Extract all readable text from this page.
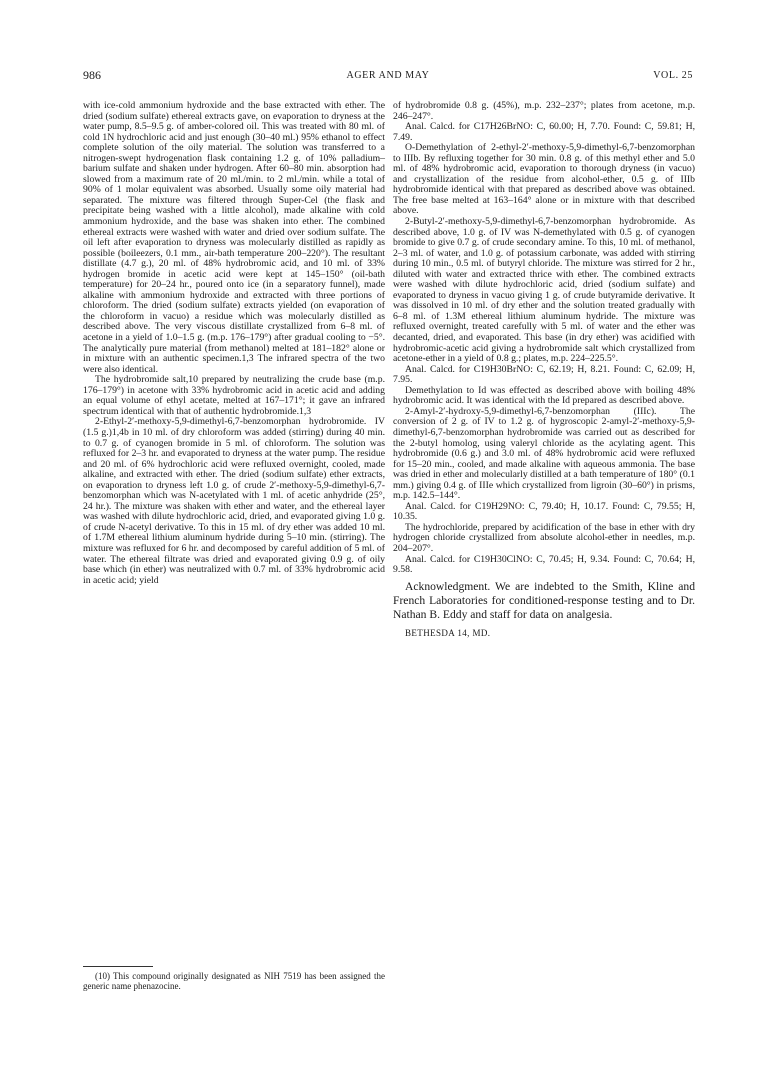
986	AGER AND MAY	VOL. 25

with ice-cold ammonium hydroxide and the base extracted with ether. The dried (sodium sulfate) ethereal extracts gave, on evaporation to dryness at the water pump, 8.5–9.5 g. of amber-colored oil. This was treated with 80 ml. of cold 1N hydrochloric acid and just enough (30–40 ml.) 95% ethanol to effect complete solution of the oily material. The solution was transferred to a nitrogen-swept hydrogenation flask containing 1.2 g. of 10% palladium–barium sulfate and shaken under hydrogen. After 60–80 min. absorption had slowed from a maximum rate of 20 ml./min. to 2 ml./min. while a total of 90% of 1 molar equivalent was absorbed. Usually some oily material had separated. The mixture was filtered through Super-Cel (the flask and precipitate being washed with a little alcohol), made alkaline with cold ammonium hydroxide, and the base was shaken into ether. The combined ethereal extracts were washed with water and dried over sodium sulfate. The oil left after evaporation to dryness was molecularly distilled as rapidly as possible (boileezers, 0.1 mm., air-bath temperature 200–220°). The resultant distillate (4.7 g.), 20 ml. of 48% hydrobromic acid, and 10 ml. of 33% hydrogen bromide in acetic acid were kept at 145–150° (oil-bath temperature) for 20–24 hr., poured onto ice (in a separatory funnel), made alkaline with ammonium hydroxide and extracted with three portions of chloroform. The dried (sodium sulfate) extracts yielded (on evaporation of the chloroform in vacuo) a residue which was molecularly distilled as described above. The very viscous distillate crystallized from 6–8 ml. of acetone in a yield of 1.0–1.5 g. (m.p. 176–179°) after gradual cooling to −5°. The analytically pure material (from methanol) melted at 181–182° alone or in mixture with an authentic specimen.1,3 The infrared spectra of the two were also identical.

The hydrobromide salt,10 prepared by neutralizing the crude base (m.p. 176–179°) in acetone with 33% hydrobromic acid in acetic acid and adding an equal volume of ethyl acetate, melted at 167–171°; it gave an infrared spectrum identical with that of authentic hydrobromide.1,3

2-Ethyl-2′-methoxy-5,9-dimethyl-6,7-benzomorphan hydrobromide. IV (1.5 g.)1,4b in 10 ml. of dry chloroform was added (stirring) during 40 min. to 0.7 g. of cyanogen bromide in 5 ml. of chloroform. The solution was refluxed for 2–3 hr. and evaporated to dryness at the water pump. The residue and 20 ml. of 6% hydrochloric acid were refluxed overnight, cooled, made alkaline, and extracted with ether. The dried (sodium sulfate) ether extracts, on evaporation to dryness left 1.0 g. of crude 2′-methoxy-5,9-dimethyl-6,7-benzomorphan which was N-acetylated with 1 ml. of acetic anhydride (25°, 24 hr.). The mixture was shaken with ether and water, and the ethereal layer was washed with dilute hydrochloric acid, dried, and evaporated giving 1.0 g. of crude N-acetyl derivative. To this in 15 ml. of dry ether was added 10 ml. of 1.7M ethereal lithium aluminum hydride during 5–10 min. (stirring). The mixture was refluxed for 6 hr. and decomposed by careful addition of 5 ml. of water. The ethereal filtrate was dried and evaporated giving 0.9 g. of oily base which (in ether) was neutralized with 0.7 ml. of 33% hydrobromic acid in acetic acid; yield

(10) This compound originally designated as NIH 7519 has been assigned the generic name phenazocine.

of hydrobromide 0.8 g. (45%), m.p. 232–237°; plates from acetone, m.p. 246–247°.

Anal. Calcd. for C17H26BrNO: C, 60.00; H, 7.70. Found: C, 59.81; H, 7.49.

O-Demethylation of 2-ethyl-2′-methoxy-5,9-dimethyl-6,7-benzomorphan to IIIb. By refluxing together for 30 min. 0.8 g. of this methyl ether and 5.0 ml. of 48% hydrobromic acid, evaporation to thorough dryness (in vacuo) and crystallization of the residue from alcohol-ether, 0.5 g. of IIIb hydrobromide identical with that prepared as described above was obtained. The free base melted at 163–164° alone or in mixture with that described above.

2-Butyl-2′-methoxy-5,9-dimethyl-6,7-benzomorphan hydrobromide. As described above, 1.0 g. of IV was N-demethylated with 0.5 g. of cyanogen bromide to give 0.7 g. of crude secondary amine. To this, 10 ml. of methanol, 2–3 ml. of water, and 1.0 g. of potassium carbonate, was added with stirring during 10 min., 0.5 ml. of butyryl chloride. The mixture was stirred for 2 hr., diluted with water and extracted thrice with ether. The combined extracts were washed with dilute hydrochloric acid, dried (sodium sulfate) and evaporated to dryness in vacuo giving 1 g. of crude butyramide derivative. It was dissolved in 10 ml. of dry ether and the solution treated gradually with 6–8 ml. of 1.3M ethereal lithium aluminum hydride. The mixture was refluxed overnight, treated carefully with 5 ml. of water and the ether was decanted, dried, and evaporated. This base (in dry ether) was acidified with hydrobromic-acetic acid giving a hydrobromide salt which crystallized from acetone-ether in a yield of 0.8 g.; plates, m.p. 224–225.5°.

Anal. Calcd. for C19H30BrNO: C, 62.19; H, 8.21. Found: C, 62.09; H, 7.95.

Demethylation to Id was effected as described above with boiling 48% hydrobromic acid. It was identical with the Id prepared as described above.

2-Amyl-2′-hydroxy-5,9-dimethyl-6,7-benzomorphan (IIIc). The conversion of 2 g. of IV to 1.2 g. of hygroscopic 2-amyl-2′-methoxy-5,9-dimethyl-6,7-benzomorphan hydrobromide was carried out as described for the 2-butyl homolog, using valeryl chloride as the acylating agent. This hydrobromide (0.6 g.) and 3.0 ml. of 48% hydrobromic acid were refluxed for 15–20 min., cooled, and made alkaline with aqueous ammonia. The base was dried in ether and molecularly distilled at a bath temperature of 180° (0.1 mm.) giving 0.4 g. of IIIe which crystallized from ligroin (30–60°) in prisms, m.p. 142.5–144°.

Anal. Calcd. for C19H29NO: C, 79.40; H, 10.17. Found: C, 79.55; H, 10.35.

The hydrochloride, prepared by acidification of the base in ether with dry hydrogen chloride crystallized from absolute alcohol-ether in needles, m.p. 204–207°.

Anal. Calcd. for C19H30ClNO: C, 70.45; H, 9.34. Found: C, 70.64; H, 9.58.

Acknowledgment. We are indebted to the Smith, Kline and French Laboratories for conditioned-response testing and to Dr. Nathan B. Eddy and staff for data on analgesia.

BETHESDA 14, MD.
